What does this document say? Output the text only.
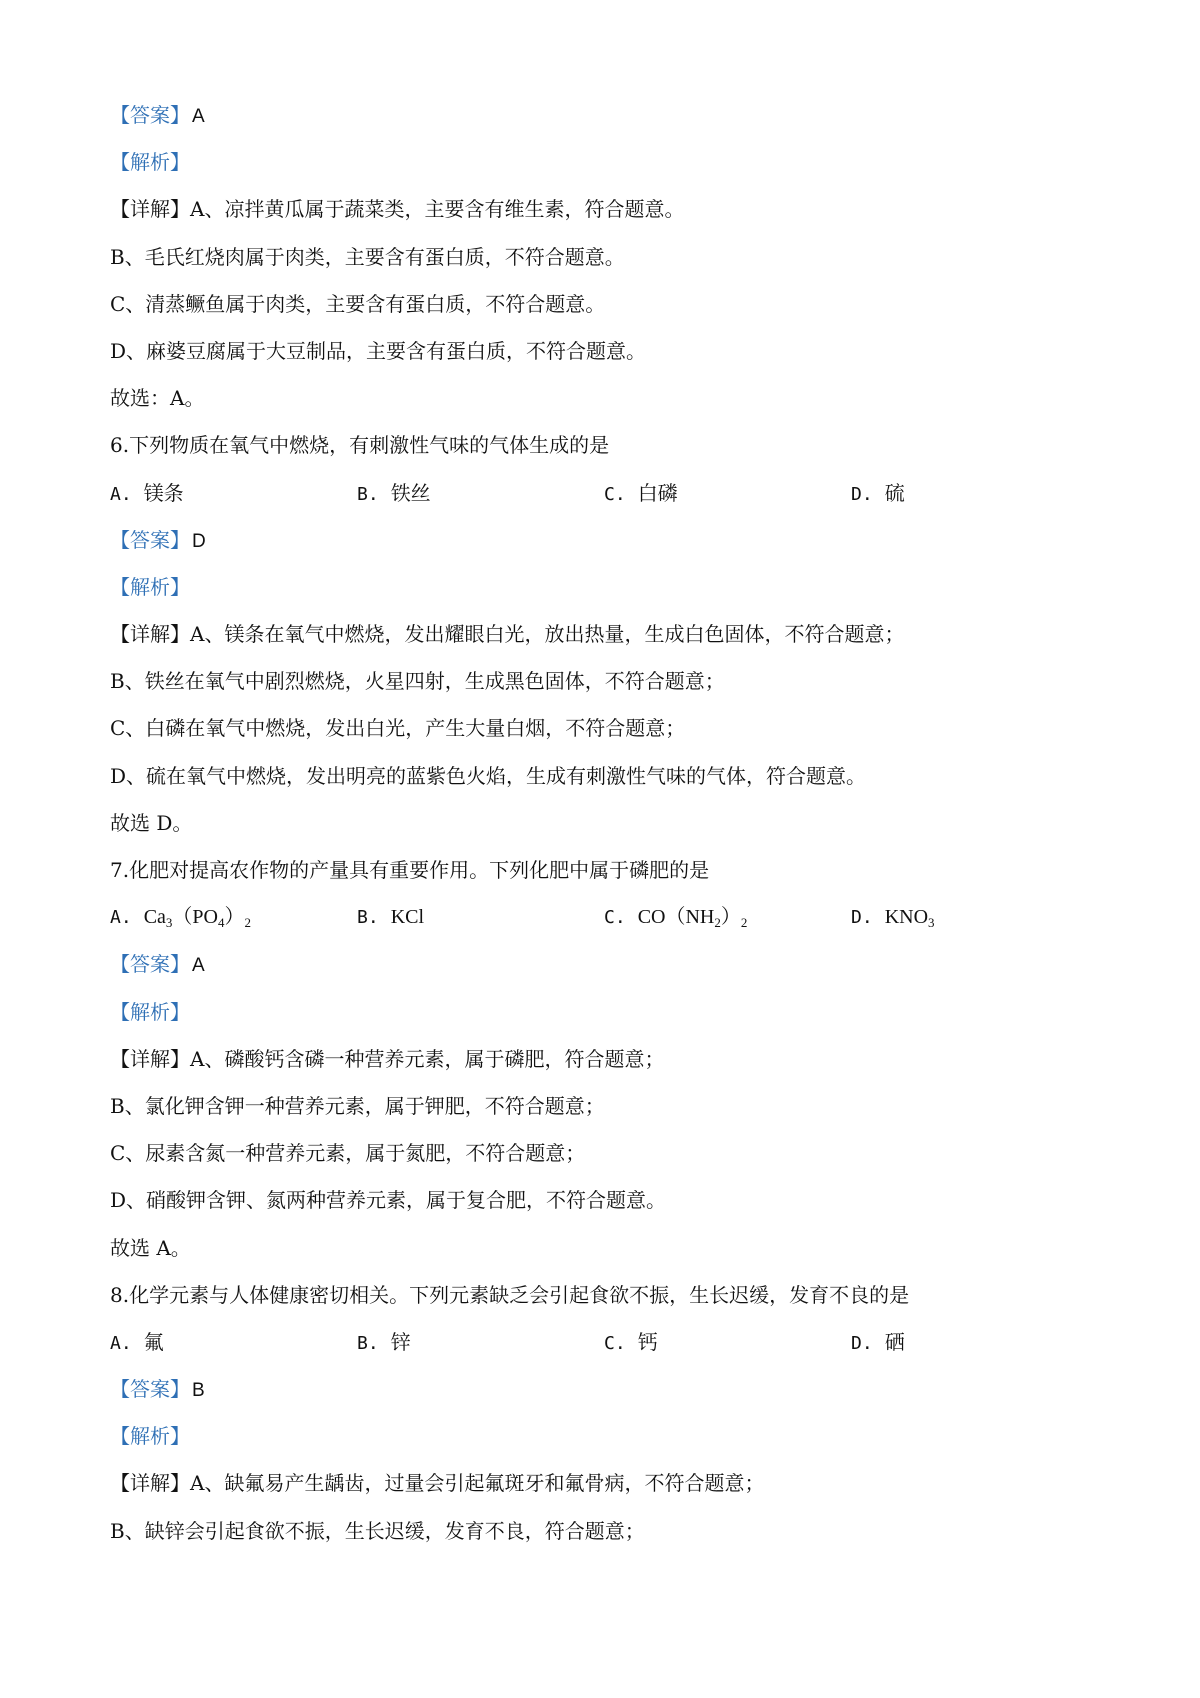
【答案】 A
【解析】
【详解】A、凉拌黄瓜属于蔬菜类，主要含有维生素，符合题意。
B、毛氏红烧肉属于肉类，主要含有蛋白质，不符合题意。
C、清蒸鳜鱼属于肉类，主要含有蛋白质，不符合题意。
D、麻婆豆腐属于大豆制品，主要含有蛋白质，不符合题意。
故选：A。
6.下列物质在氧气中燃烧，有刺激性气味的气体生成的是
A. 镁条	B. 铁丝	C. 白磷	D. 硫
【答案】 D
【解析】
【详解】A、镁条在氧气中燃烧，发出耀眼白光，放出热量，生成白色固体，不符合题意；
B、铁丝在氧气中剧烈燃烧，火星四射，生成黑色固体，不符合题意；
C、白磷在氧气中燃烧，发出白光，产生大量白烟，不符合题意；
D、硫在氧气中燃烧，发出明亮的蓝紫色火焰，生成有刺激性气味的气体，符合题意。
故选 D。
7.化肥对提高农作物的产量具有重要作用。下列化肥中属于磷肥的是
A. $Ca_3(PO_4)_2$	B. KCl	C. $CO(NH_2)_2$	D. $KNO_3$
【答案】 A
【解析】
【详解】A、磷酸钙含磷一种营养元素，属于磷肥，符合题意；
B、氯化钾含钾一种营养元素，属于钾肥，不符合题意；
C、尿素含氮一种营养元素，属于氮肥，不符合题意；
D、硝酸钾含钾、氮两种营养元素，属于复合肥，不符合题意。
故选 A。
8.化学元素与人体健康密切相关。下列元素缺乏会引起食欲不振，生长迟缓，发育不良的是
A. 氟	B. 锌	C. 钙	D. 硒
【答案】 B
【解析】
【详解】A、缺氟易产生龋齿，过量会引起氟斑牙和氟骨病，不符合题意；
B、缺锌会引起食欲不振，生长迟缓，发育不良，符合题意；
